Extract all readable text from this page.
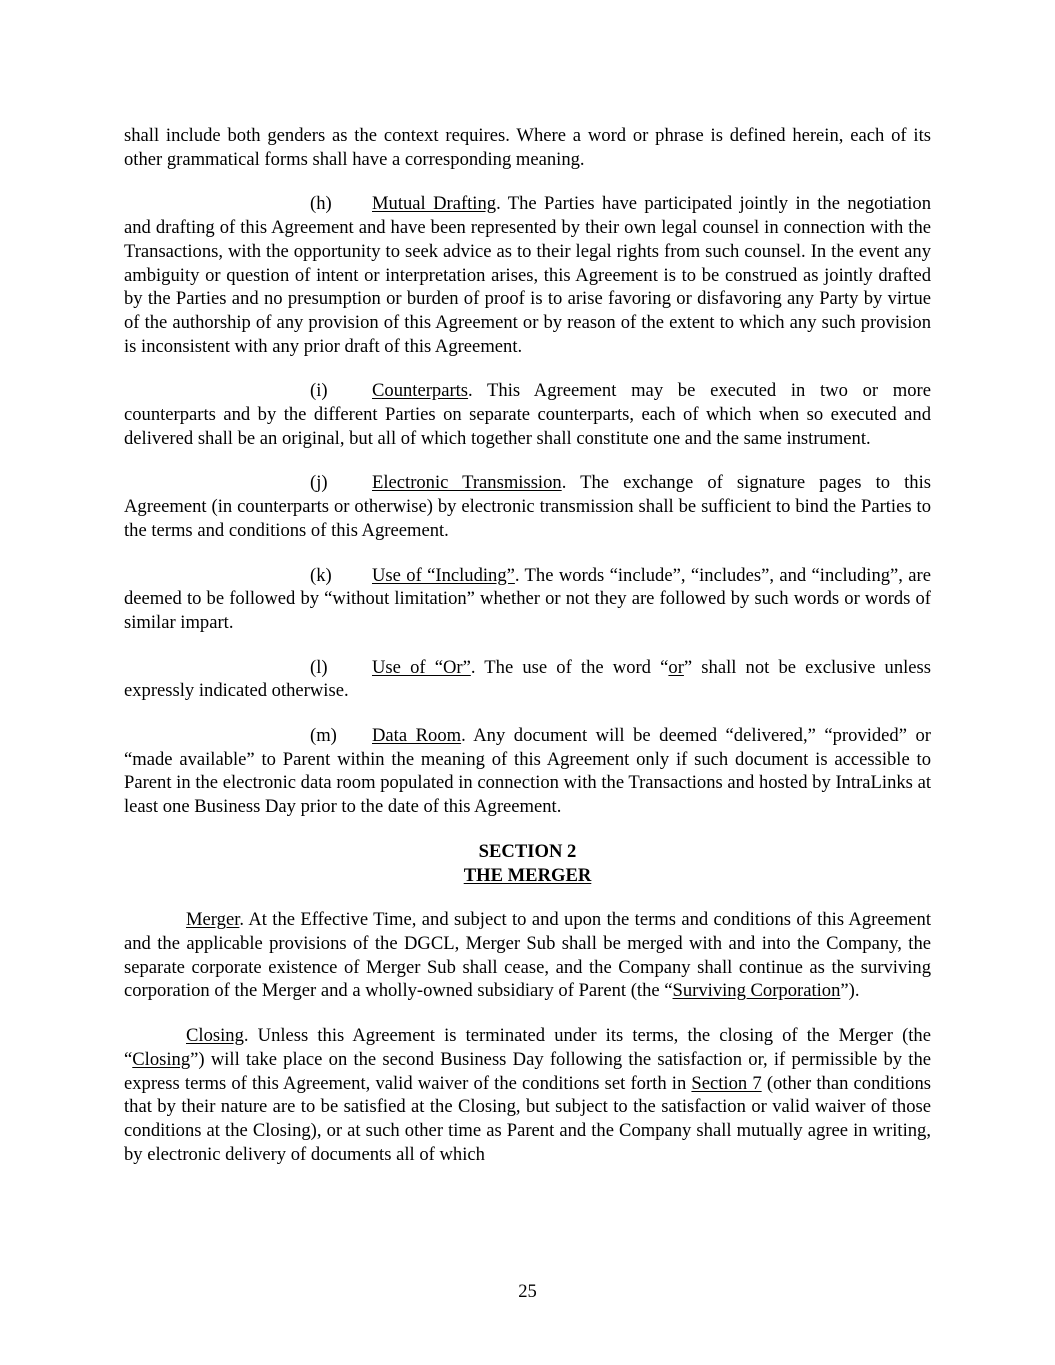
shall include both genders as the context requires. Where a word or phrase is defined herein, each of its other grammatical forms shall have a corresponding meaning.

(h) Mutual Drafting. The Parties have participated jointly in the negotiation and drafting of this Agreement and have been represented by their own legal counsel in connection with the Transactions, with the opportunity to seek advice as to their legal rights from such counsel. In the event any ambiguity or question of intent or interpretation arises, this Agreement is to be construed as jointly drafted by the Parties and no presumption or burden of proof is to arise favoring or disfavoring any Party by virtue of the authorship of any provision of this Agreement or by reason of the extent to which any such provision is inconsistent with any prior draft of this Agreement.

(i) Counterparts. This Agreement may be executed in two or more counterparts and by the different Parties on separate counterparts, each of which when so executed and delivered shall be an original, but all of which together shall constitute one and the same instrument.

(j) Electronic Transmission. The exchange of signature pages to this Agreement (in counterparts or otherwise) by electronic transmission shall be sufficient to bind the Parties to the terms and conditions of this Agreement.

(k) Use of “Including”. The words “include”, “includes”, and “including”, are deemed to be followed by “without limitation” whether or not they are followed by such words or words of similar impart.

(l) Use of “Or”. The use of the word “or” shall not be exclusive unless expressly indicated otherwise.

(m) Data Room. Any document will be deemed “delivered,” “provided” or “made available” to Parent within the meaning of this Agreement only if such document is accessible to Parent in the electronic data room populated in connection with the Transactions and hosted by IntraLinks at least one Business Day prior to the date of this Agreement.

SECTION 2
THE MERGER

Merger. At the Effective Time, and subject to and upon the terms and conditions of this Agreement and the applicable provisions of the DGCL, Merger Sub shall be merged with and into the Company, the separate corporate existence of Merger Sub shall cease, and the Company shall continue as the surviving corporation of the Merger and a wholly-owned subsidiary of Parent (the “Surviving Corporation”).

Closing. Unless this Agreement is terminated under its terms, the closing of the Merger (the “Closing”) will take place on the second Business Day following the satisfaction or, if permissible by the express terms of this Agreement, valid waiver of the conditions set forth in Section 7 (other than conditions that by their nature are to be satisfied at the Closing, but subject to the satisfaction or valid waiver of those conditions at the Closing), or at such other time as Parent and the Company shall mutually agree in writing, by electronic delivery of documents all of which

25
